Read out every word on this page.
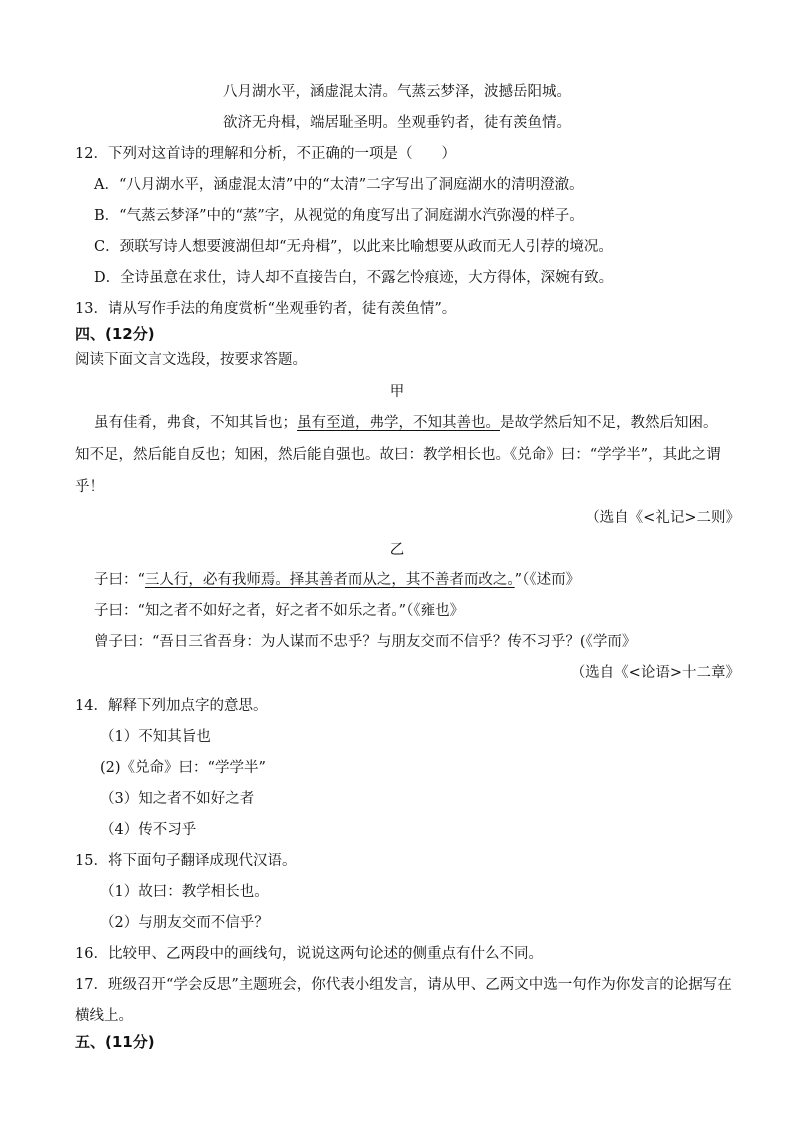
八月湖水平，涵虚混太清。气蒸云梦泽，波撼岳阳城。
欲济无舟楫，端居耻圣明。坐观垂钓者，徒有羡鱼情。
12．下列对这首诗的理解和分析，不正确的一项是（　　）
A．“八月湖水平，涵虚混太清”中的“太清”二字写出了洞庭湖水的清明澄澈。
B．“气蒸云梦泽”中的“蒸”字，从视觉的角度写出了洞庭湖水汽弥漫的样子。
C．颈联写诗人想要渡湖但却“无舟楫”，以此来比喻想要从政而无人引荐的境况。
D．全诗虽意在求仕，诗人却不直接告白，不露乞怜痕迹，大方得体，深婉有致。
13．请从写作手法的角度赏析“坐观垂钓者，徒有羡鱼情”。
四、(12分)
阅读下面文言文选段，按要求答题。
甲
虽有佳肴，弗食，不知其旨也；虽有至道，弗学，不知其善也。是故学然后知不足，教然后知困。
知不足，然后能自反也；知困，然后能自强也。故曰：教学相长也。《兑命》曰：“学学半”，其此之谓
乎！
（选自《<礼记>二则》
乙
子曰：“三人行，必有我师焉。择其善者而从之，其不善者而改之。”（《述而》
子曰：“知之者不如好之者，好之者不如乐之者。”（《雍也》
曾子曰：“吾日三省吾身：为人谋而不忠乎？与朋友交而不信乎？传不习乎？(《学而》
（选自《<论语>十二章》
14．解释下列加点字的意思。
（1）不知其旨也
(2)《兑命》曰：“学学半”
（3）知之者不如好之者
（4）传不习乎
15．将下面句子翻译成现代汉语。
（1）故曰：教学相长也。
（2）与朋友交而不信乎？
16．比较甲、乙两段中的画线句，说说这两句论述的侧重点有什么不同。
17．班级召开“学会反思”主题班会，你代表小组发言，请从甲、乙两文中选一句作为你发言的论据写在
横线上。
五、(11分)
